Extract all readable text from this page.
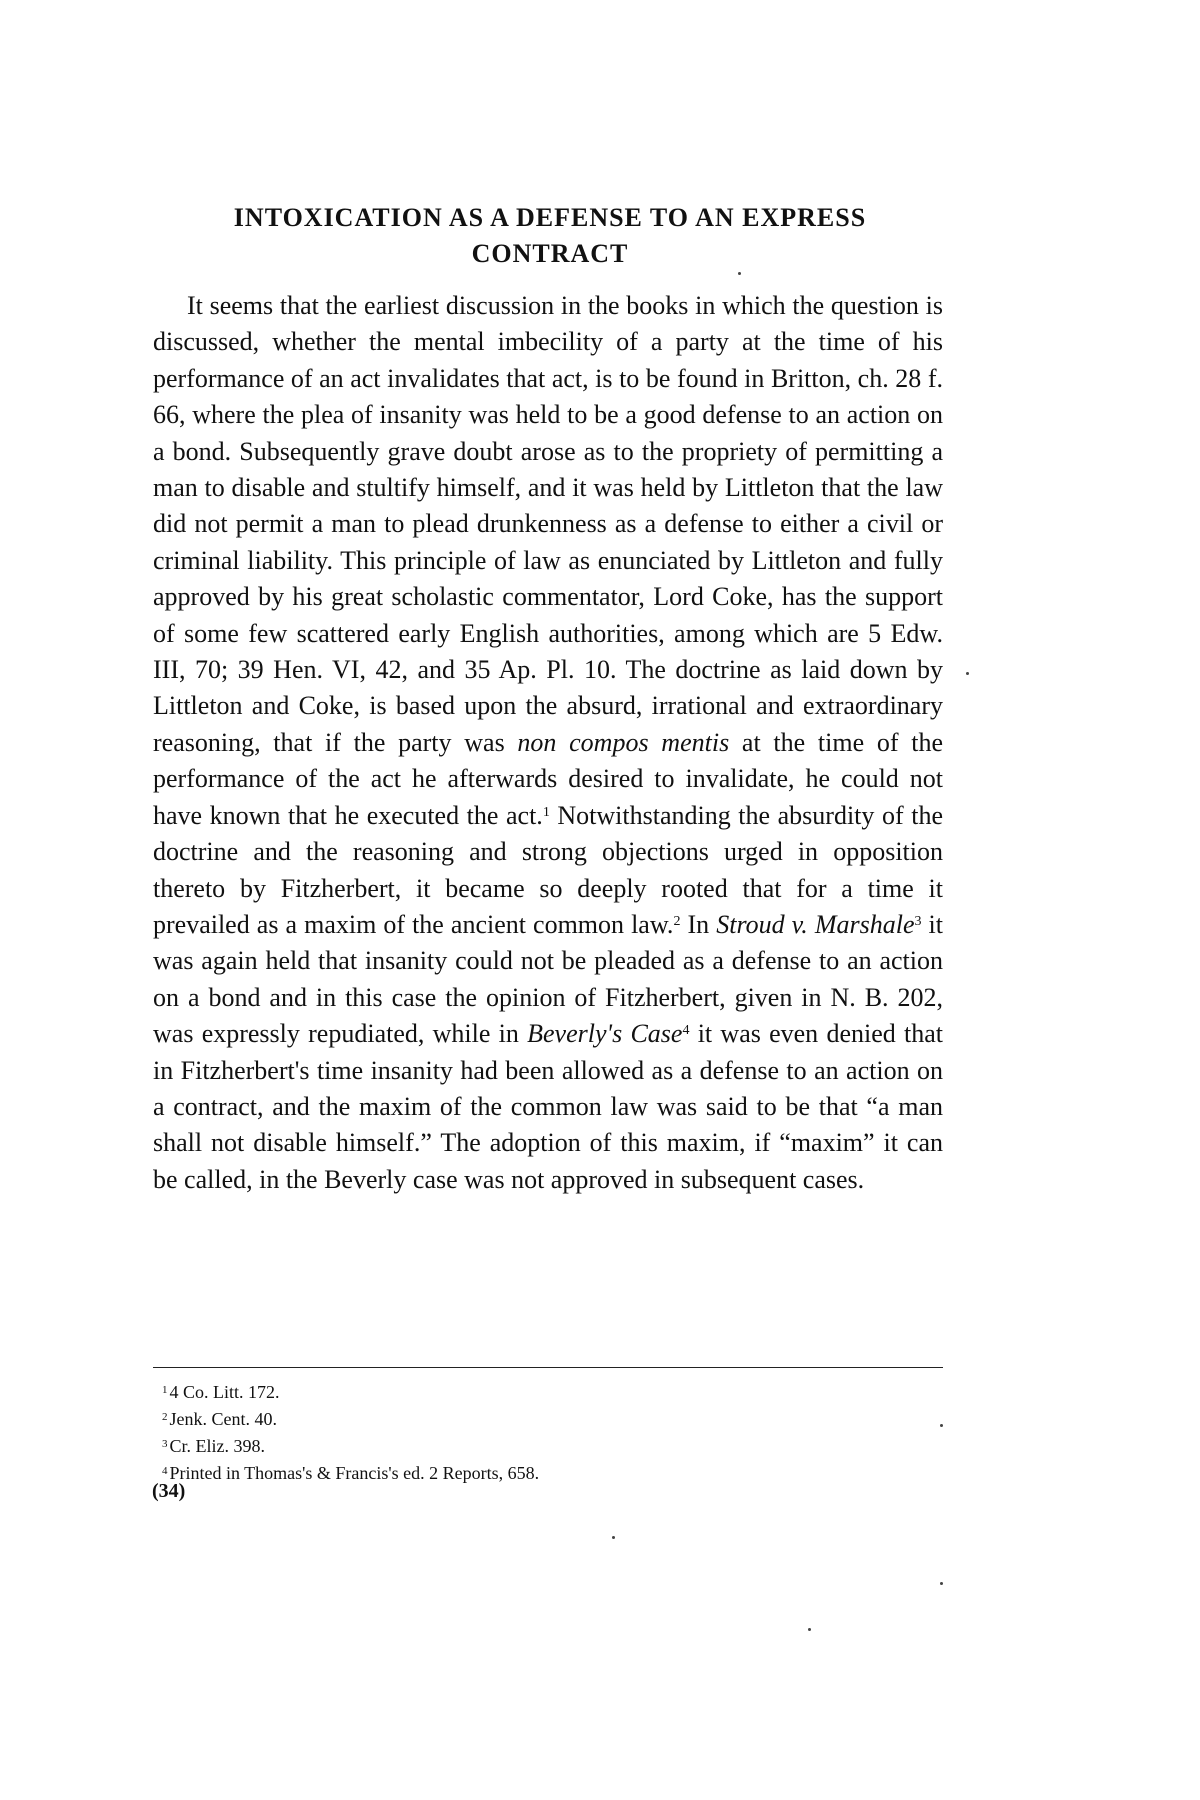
INTOXICATION AS A DEFENSE TO AN EXPRESS
CONTRACT

It seems that the earliest discussion in the books in which the question is discussed, whether the mental imbecility of a party at the time of his performance of an act invalidates that act, is to be found in Britton, ch. 28 f. 66, where the plea of insanity was held to be a good defense to an action on a bond. Subsequently grave doubt arose as to the propriety of permitting a man to disable and stultify himself, and it was held by Littleton that the law did not permit a man to plead drunkenness as a defense to either a civil or criminal liability. This principle of law as enunciated by Littleton and fully approved by his great scholastic commentator, Lord Coke, has the support of some few scattered early English authorities, among which are 5 Edw. III, 70; 39 Hen. VI, 42, and 35 Ap. Pl. 10. The doctrine as laid down by Littleton and Coke, is based upon the absurd, irrational and extraordinary reasoning, that if the party was non compos mentis at the time of the performance of the act he afterwards desired to invalidate, he could not have known that he executed the act.$^1$ Notwithstanding the absurdity of the doctrine and the reasoning and strong objections urged in opposition thereto by Fitzherbert, it became so deeply rooted that for a time it prevailed as a maxim of the ancient common law.$^2$ In Stroud v. Marshale$^3$ it was again held that insanity could not be pleaded as a defense to an action on a bond and in this case the opinion of Fitzherbert, given in N. B. 202, was expressly repudiated, while in Beverly's Case$^4$ it was even denied that in Fitzherbert's time insanity had been allowed as a defense to an action on a contract, and the maxim of the common law was said to be that “a man shall not disable himself.” The adoption of this maxim, if “maxim” it can be called, in the Beverly case was not approved in subsequent cases.

$^1$ 4 Co. Litt. 172.
$^2$ Jenk. Cent. 40.
$^3$ Cr. Eliz. 398.
$^4$ Printed in Thomas's & Francis's ed. 2 Reports, 658.
(34)
